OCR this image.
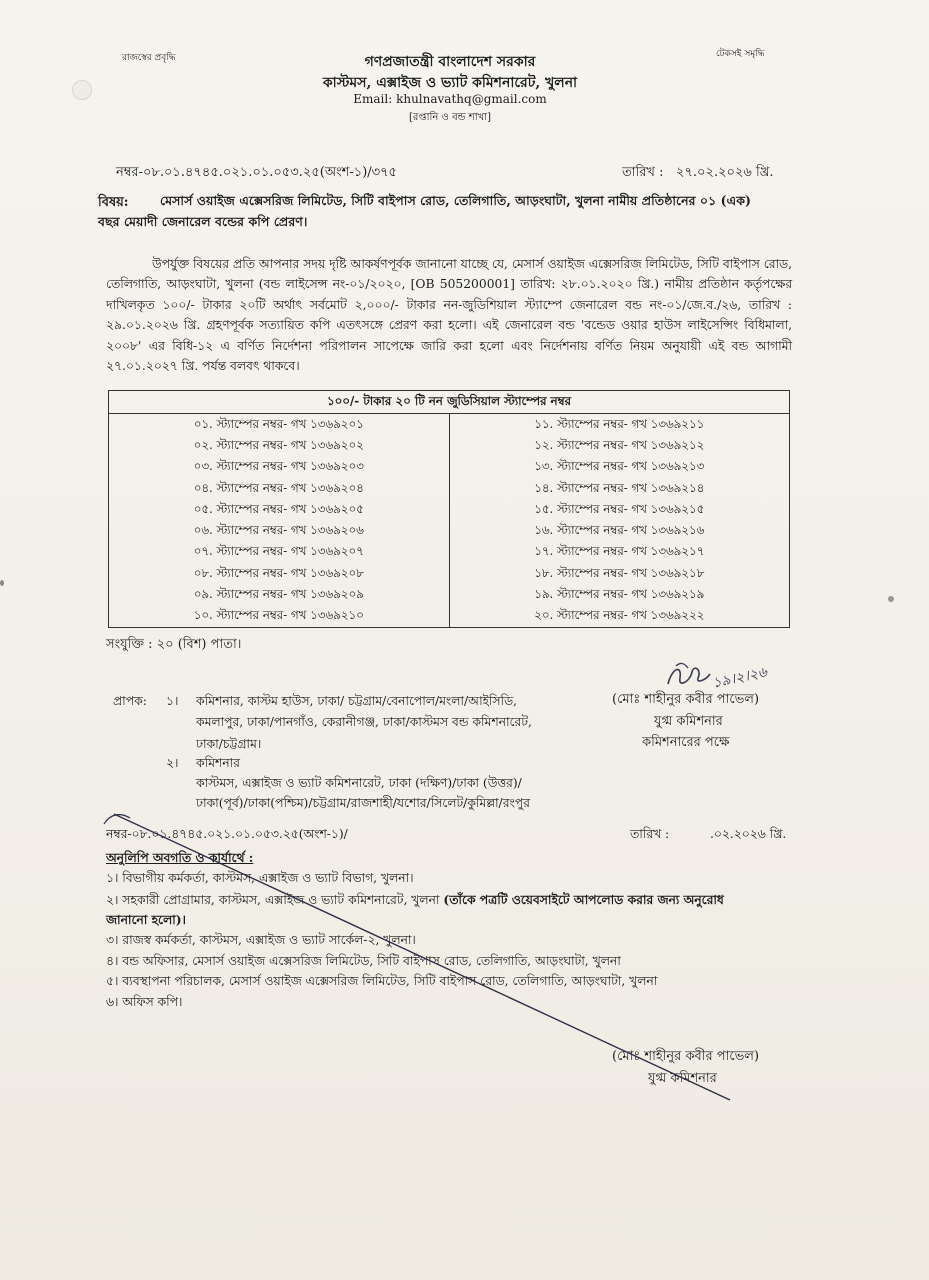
রাজস্বের প্রবৃদ্ধি	টেকসই সমৃদ্ধি
গণপ্রজাতন্ত্রী বাংলাদেশ সরকার
কাস্টমস, এক্সাইজ ও ভ্যাট কমিশনারেট, খুলনা
Email: khulnavathq@gmail.com
[রপ্তানি ও বন্ড শাখা]
নম্বর-০৮.০১.৪৭৪৫.০২১.০১.০৫৩.২৫(অংশ-১)/৩৭৫	তারিখ : ২৭.০২.২০২৬ খ্রি.
বিষয়: মেসার্স ওয়াইজ এক্সেসরিজ লিমিটেড, সিটি বাইপাস রোড, তেলিগাতি, আড়ংঘাটা, খুলনা নামীয় প্রতিষ্ঠানের ০১ (এক)
বছর মেয়াদী জেনারেল বন্ডের কপি প্রেরণ।
উপর্যুক্ত বিষয়ের প্রতি আপনার সদয় দৃষ্টি আকর্ষণপূর্বক জানানো যাচ্ছে যে, মেসার্স ওয়াইজ এক্সেসরিজ লিমিটেড, সিটি বাইপাস রোড, তেলিগাতি, আড়ংঘাটা, খুলনা (বন্ড লাইসেন্স নং-০১/২০২০, [OB 505200001] তারিখ: ২৮.০১.২০২০ খ্রি.) নামীয় প্রতিষ্ঠান কর্তৃপক্ষের দাখিলকৃত ১০০/- টাকার ২০টি অর্থাৎ সর্বমোট ২,০০০/- টাকার নন-জুডিশিয়াল স্ট্যাম্পে জেনারেল বন্ড নং-০১/জে.ব./২৬, তারিখ : ২৯.০১.২০২৬ খ্রি. গ্রহণপূর্বক সত্যায়িত কপি এতৎসঙ্গে প্রেরণ করা হলো। এই জেনারেল বন্ড 'বন্ডেড ওয়ার হাউস লাইসেন্সিং বিধিমালা, ২০০৮' এর বিধি-১২ এ বর্ণিত নির্দেশনা পরিপালন সাপেক্ষে জারি করা হলো এবং নির্দেশনায় বর্ণিত নিয়ম অনুযায়ী এই বন্ড আগামী ২৭.০১.২০২৭ খ্রি. পর্যন্ত বলবৎ থাকবে।
১০০/- টাকার ২০ টি নন জুডিসিয়াল স্ট্যাম্পের নম্বর	
০১. স্ট্যাম্পের নম্বর- গখ ১৩৬৯২০১	১১. স্ট্যাম্পের নম্বর- গখ ১৩৬৯২১১
০২. স্ট্যাম্পের নম্বর- গখ ১৩৬৯২০২	১২. স্ট্যাম্পের নম্বর- গখ ১৩৬৯২১২
০৩. স্ট্যাম্পের নম্বর- গখ ১৩৬৯২০৩	১৩. স্ট্যাম্পের নম্বর- গখ ১৩৬৯২১৩
০৪. স্ট্যাম্পের নম্বর- গখ ১৩৬৯২০৪	১৪. স্ট্যাম্পের নম্বর- গখ ১৩৬৯২১৪
০৫. স্ট্যাম্পের নম্বর- গখ ১৩৬৯২০৫	১৫. স্ট্যাম্পের নম্বর- গখ ১৩৬৯২১৫
০৬. স্ট্যাম্পের নম্বর- গখ ১৩৬৯২০৬	১৬. স্ট্যাম্পের নম্বর- গখ ১৩৬৯২১৬
০৭. স্ট্যাম্পের নম্বর- গখ ১৩৬৯২০৭	১৭. স্ট্যাম্পের নম্বর- গখ ১৩৬৯২১৭
০৮. স্ট্যাম্পের নম্বর- গখ ১৩৬৯২০৮	১৮. স্ট্যাম্পের নম্বর- গখ ১৩৬৯২১৮
০৯. স্ট্যাম্পের নম্বর- গখ ১৩৬৯২০৯	১৯. স্ট্যাম্পের নম্বর- গখ ১৩৬৯২১৯
১০. স্ট্যাম্পের নম্বর- গখ ১৩৬৯২১০	২০. স্ট্যাম্পের নম্বর- গখ ১৩৬৯২২২
সংযুক্তি : ২০ (বিশ) পাতা।
১৯।২।২৬
(মোঃ শাহীনুর কবীর পাভেল)
যুগ্ম কমিশনার
কমিশনারের পক্ষে
প্রাপক: ১। কমিশনার, কাস্টম হাউস, ঢাকা/ চট্টগ্রাম/বেনাপোল/মংলা/আইসিডি,
কমলাপুর, ঢাকা/পানগাঁও, কেরানীগঞ্জ, ঢাকা/কাস্টমস বন্ড কমিশনারেট,
ঢাকা/চট্টগ্রাম।
২। কমিশনার
কাস্টমস, এক্সাইজ ও ভ্যাট কমিশনারেট, ঢাকা (দক্ষিণ)/ঢাকা (উত্তর)/
ঢাকা(পূর্ব)/ঢাকা(পশ্চিম)/চট্টগ্রাম/রাজশাহী/যশোর/সিলেট/কুমিল্লা/রংপুর
নম্বর-০৮.০১.৪৭৪৫.০২১.০১.০৫৩.২৫(অংশ-১)/	তারিখ :	.০২.২০২৬ খ্রি.
অনুলিপি অবগতি ও কার্যার্থে :
১। বিভাগীয় কর্মকর্তা, কাস্টমস, এক্সাইজ ও ভ্যাট বিভাগ, খুলনা।
২। সহকারী প্রোগ্রামার, কাস্টমস, এক্সাইজ ও ভ্যাট কমিশনারেট, খুলনা (তাঁকে পত্রটি ওয়েবসাইটে আপলোড করার জন্য অনুরোধ
জানানো হলো)।
৩। রাজস্ব কর্মকর্তা, কাস্টমস, এক্সাইজ ও ভ্যাট সার্কেল-২, খুলনা।
৪। বন্ড অফিসার, মেসার্স ওয়াইজ এক্সেসরিজ লিমিটেড, সিটি বাইপাস রোড, তেলিগাতি, আড়ংঘাটা, খুলনা
৫। ব্যবস্থাপনা পরিচালক, মেসার্স ওয়াইজ এক্সেসরিজ লিমিটেড, সিটি বাইপাস রোড, তেলিগাতি, আড়ংঘাটা, খুলনা
৬। অফিস কপি।
(মোঃ শাহীনুর কবীর পাভেল)
যুগ্ম কমিশনার
